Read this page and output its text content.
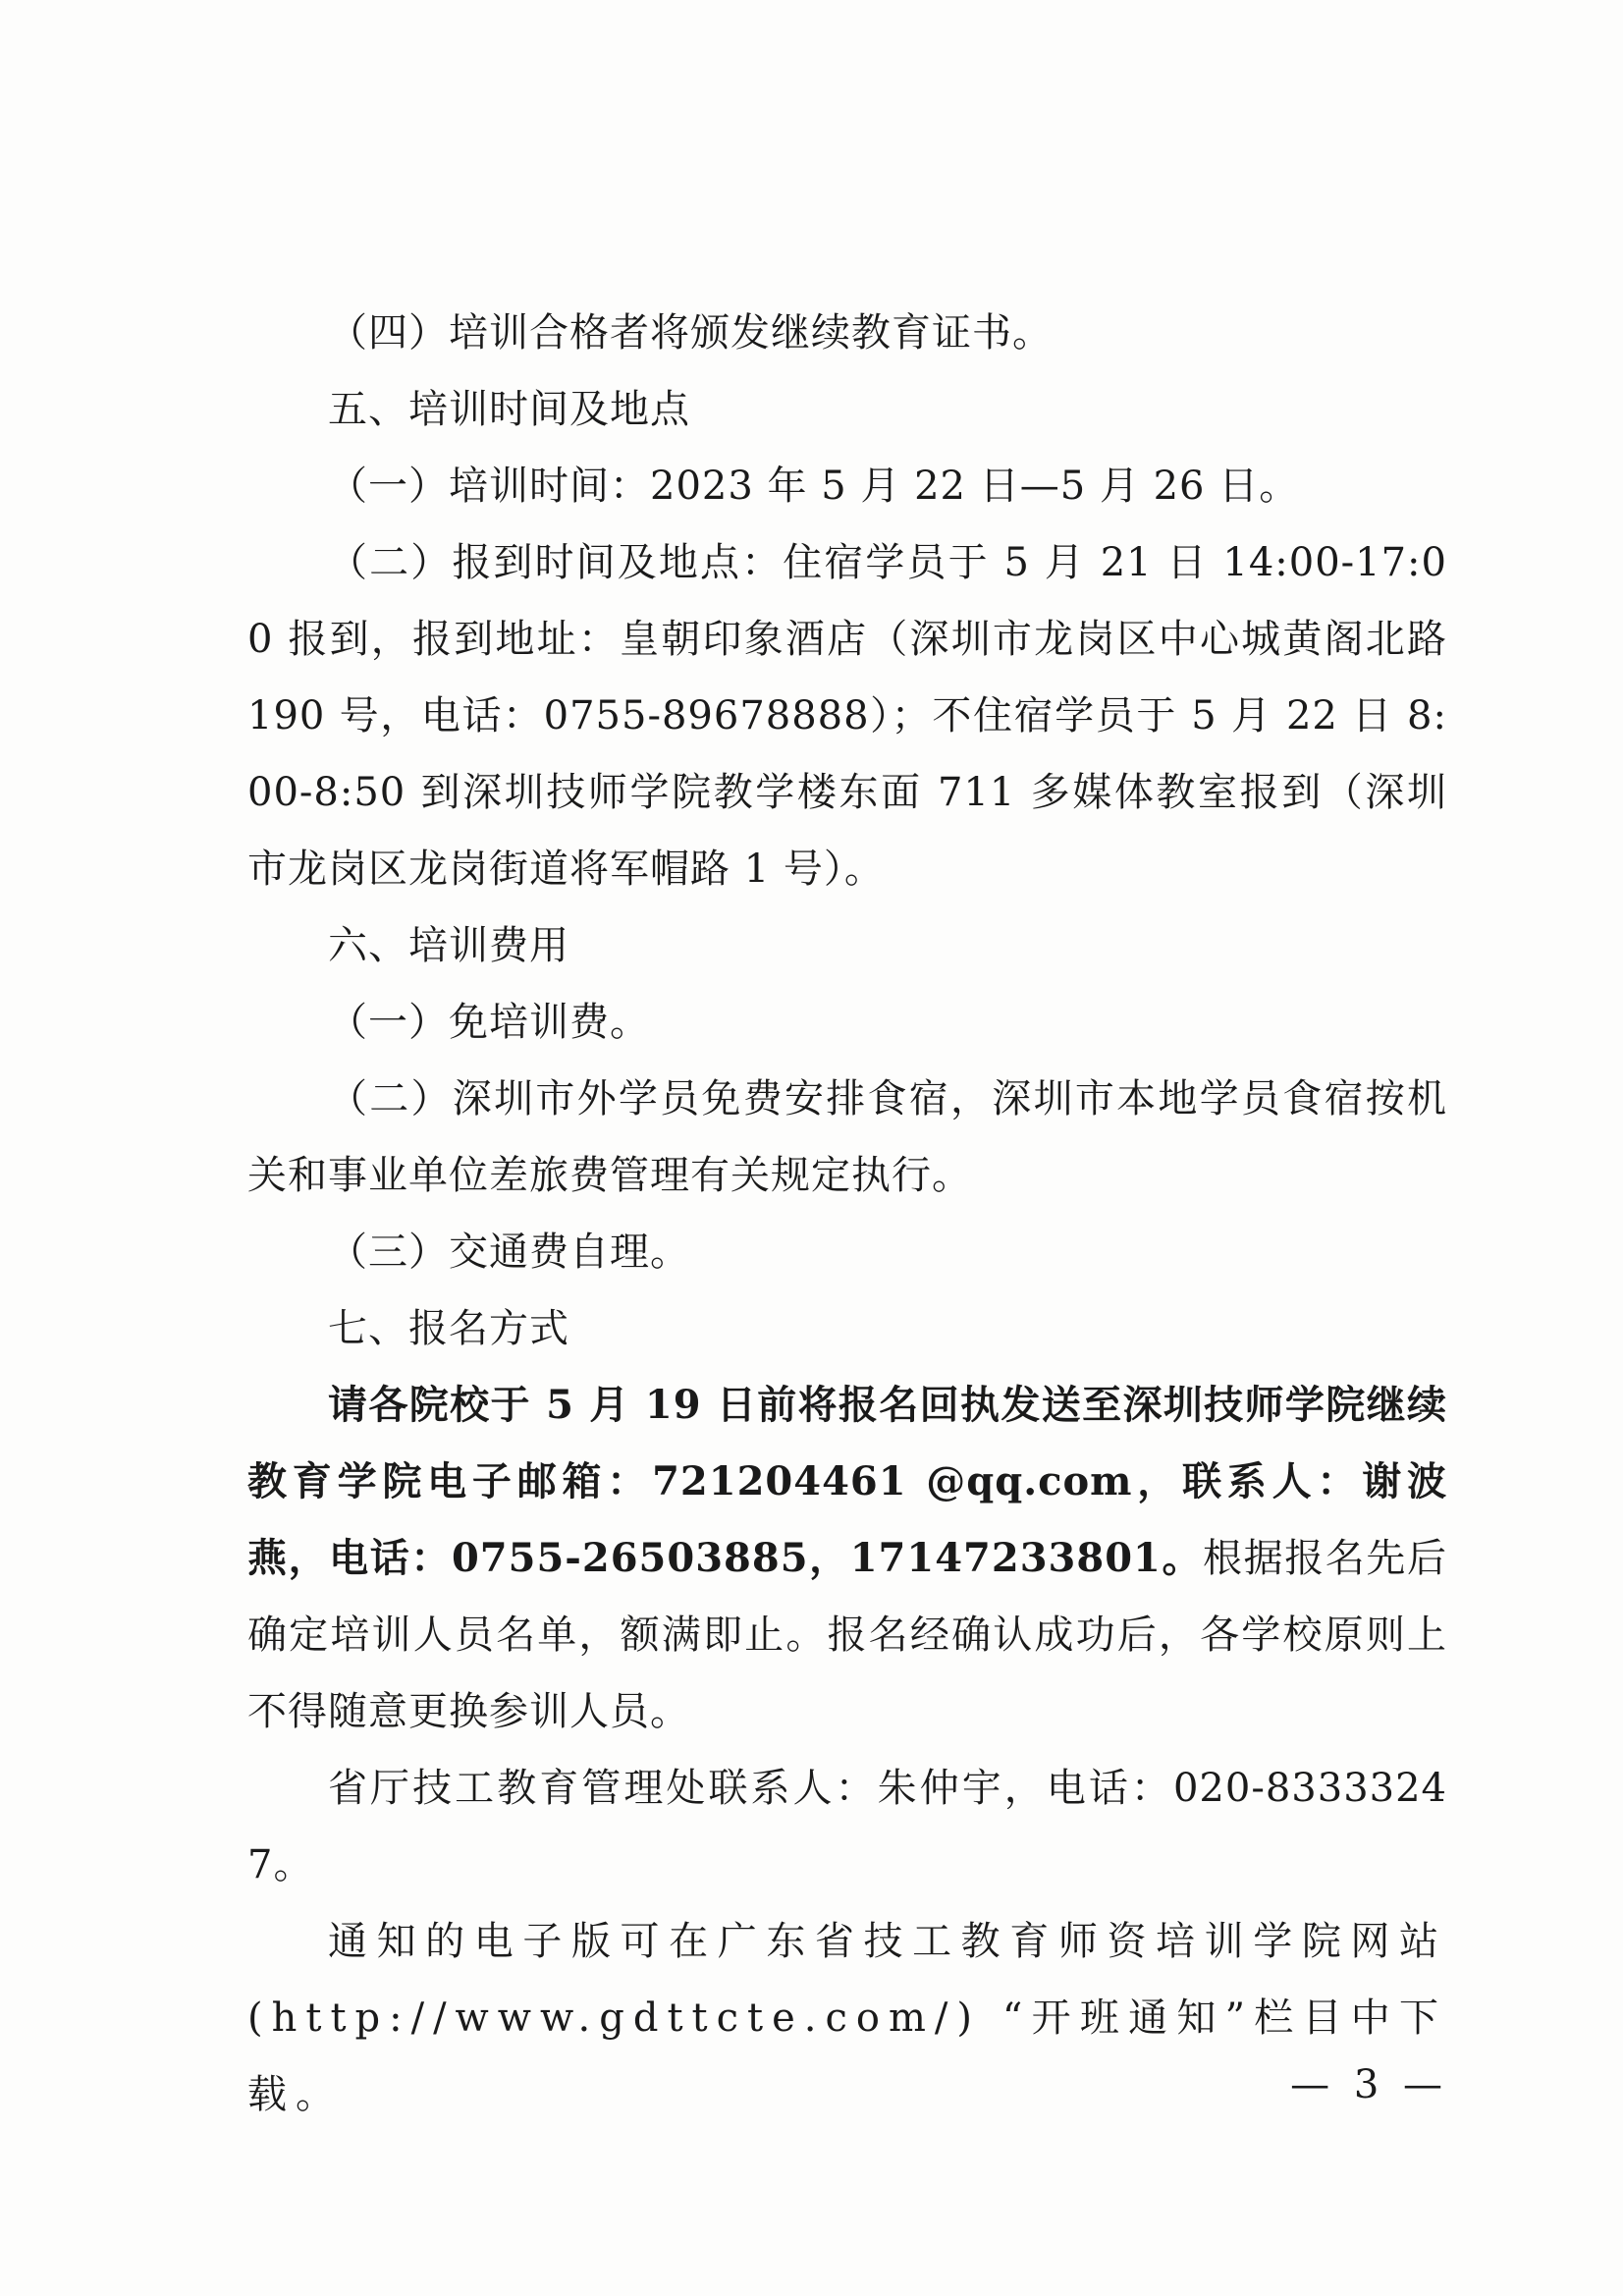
（四）培训合格者将颁发继续教育证书。

五、培训时间及地点

（一）培训时间：2023 年 5 月 22 日—5 月 26 日。

（二）报到时间及地点：住宿学员于 5 月 21 日 14:00-17:00 报到，报到地址：皇朝印象酒店（深圳市龙岗区中心城黄阁北路 190 号，电话：0755-89678888）；不住宿学员于 5 月 22 日 8:00-8:50 到深圳技师学院教学楼东面 711 多媒体教室报到（深圳市龙岗区龙岗街道将军帽路 1 号）。

六、培训费用

（一）免培训费。

（二）深圳市外学员免费安排食宿，深圳市本地学员食宿按机关和事业单位差旅费管理有关规定执行。

（三）交通费自理。

七、报名方式

请各院校于 5 月 19 日前将报名回执发送至深圳技师学院继续教育学院电子邮箱：721204461 @qq.com，联系人：谢波燕，电话：0755-26503885，17147233801。根据报名先后确定培训人员名单，额满即止。报名经确认成功后，各学校原则上不得随意更换参训人员。

省厅技工教育管理处联系人：朱仲宇，电话：020-83333247。

通知的电子版可在广东省技工教育师资培训学院网站 (http://www.gdttcte.com/) “开班通知”栏目中下载。	— 3 —
